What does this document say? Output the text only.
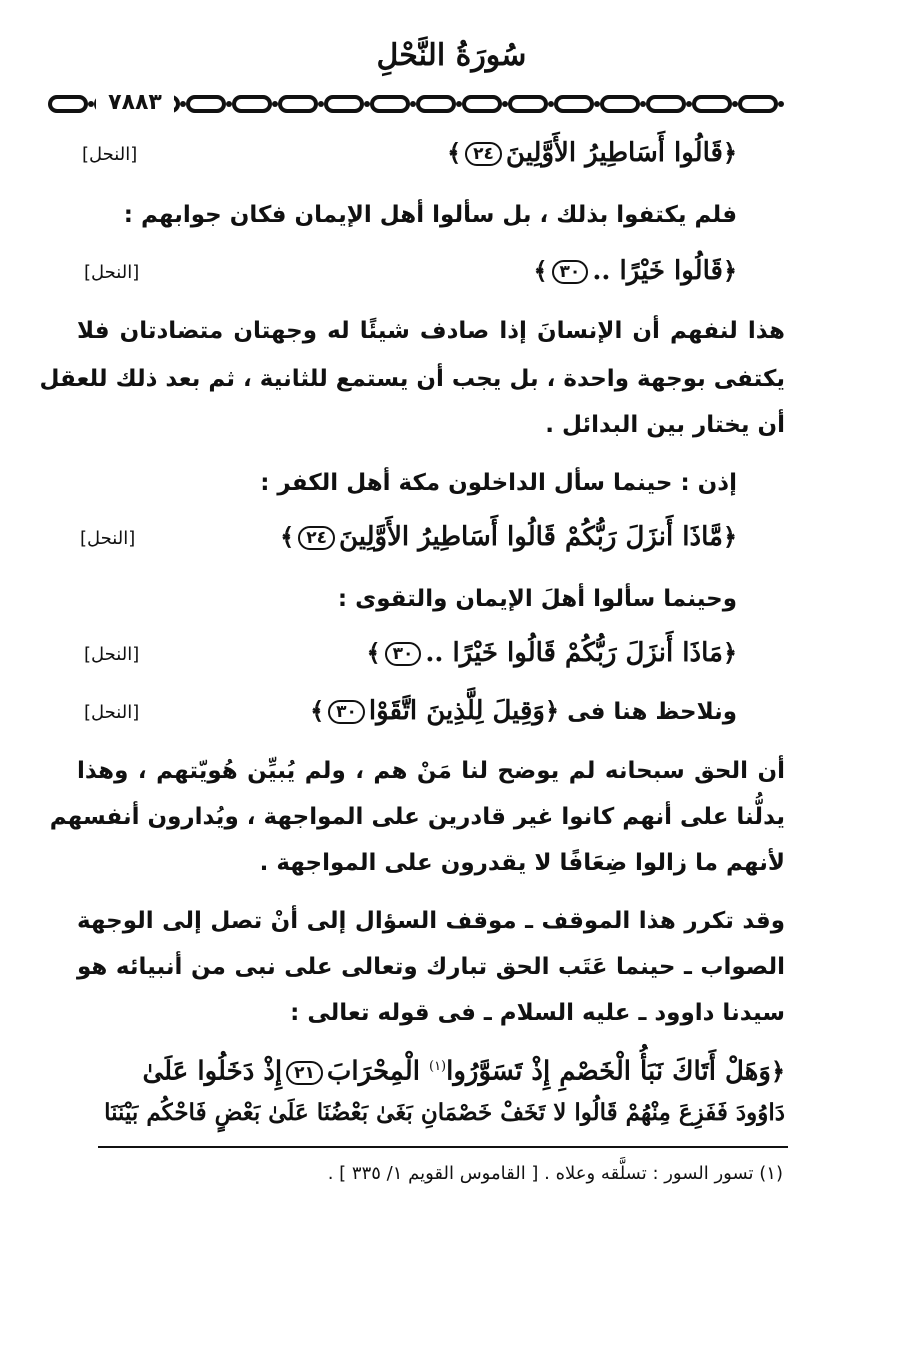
سُورَةُ النَّحْلِ
٧٨٨٣
﴿قَالُوا أَسَاطِيرُ الأَوَّلِينَ٢٤﴾
[النحل]
فلم يكتفوا بذلك ، بل سألوا أهل الإيمان فكان جوابهم :
﴿قَالُوا خَيْرًا ..٣٠﴾
[النحل]
هذا لنفهم أن الإنسانَ إذا صادف شيئًا له وجهتان متضادتان فلا
يكتفى بوجهة واحدة ، بل يجب أن يستمع للثانية ، ثم بعد ذلك للعقل
أن يختار بين البدائل .
إذن : حينما سأل الداخلون مكة أهل الكفر :
﴿مَّاذَا أَنزَلَ رَبُّكُمْ قَالُوا أَسَاطِيرُ الأَوَّلِينَ٢٤﴾
[النحل]
وحينما سألوا أهلَ الإيمان والتقوى :
﴿مَاذَا أَنزَلَ رَبُّكُمْ قَالُوا خَيْرًا ..٣٠﴾
[النحل]
ونلاحظ هنا فى ﴿وَقِيلَ لِلَّذِينَ اتَّقَوْا٣٠﴾
[النحل]
أن الحق سبحانه لم يوضح لنا مَنْ هم ، ولم يُبيِّن هُويّتهم ، وهذا
يدلُّنا على أنهم كانوا غير قادرين على المواجهة ، ويُدارون أنفسهم
لأنهم ما زالوا ضِعَافًا لا يقدرون على المواجهة .
وقد تكرر هذا الموقف ـ موقف السؤال إلى أنْ تصل إلى الوجهة
الصواب ـ حينما عَتَب الحق تبارك وتعالى على نبى من أنبيائه هو
سيدنا داوود ـ عليه السلام ـ فى قوله تعالى :
﴿وَهَلْ أَتَاكَ نَبَأُ الْخَصْمِ إِذْ تَسَوَّرُوا$^{(١)}$ الْمِحْرَابَ٢١إِذْ دَخَلُوا عَلَىٰ
دَاوُودَ فَفَزِعَ مِنْهُمْ قَالُوا لا تَخَفْ خَصْمَانِ بَغَىٰ بَعْضُنَا عَلَىٰ بَعْضٍ فَاحْكُم بَيْنَنَا
(١) تسور السور : تسلَّقه وعلاه . [ القاموس القويم ١/ ٣٣٥ ] .
